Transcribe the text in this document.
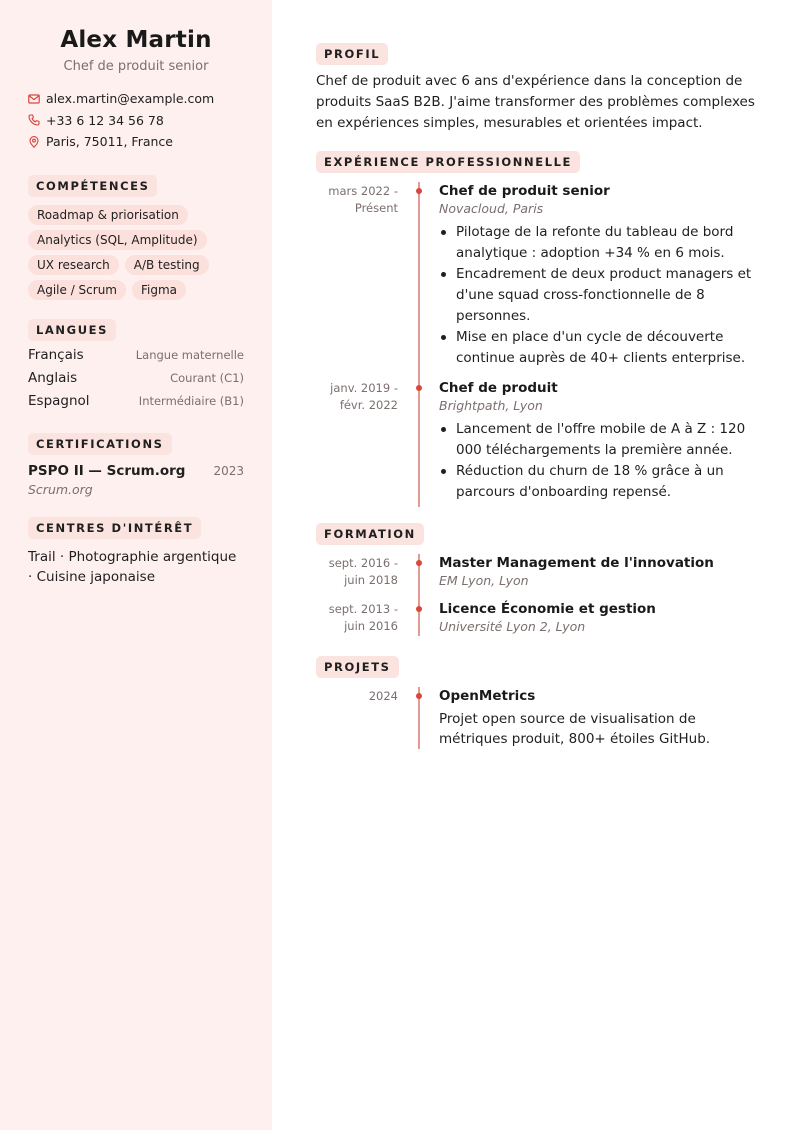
Alex Martin
Chef de produit senior
alex.martin@example.com
+33 6 12 34 56 78
Paris, 75011, France
COMPÉTENCES
Roadmap & priorisation
Analytics (SQL, Amplitude)
UX research	A/B testing
Agile / Scrum	Figma
LANGUES
Français	Langue maternelle
Anglais	Courant (C1)
Espagnol	Intermédiaire (B1)
CERTIFICATIONS
PSPO II — Scrum.org 2023
Scrum.org
CENTRES D'INTÉRÊT
Trail · Photographie argentique · Cuisine japonaise
PROFIL

Chef de produit avec 6 ans d'expérience dans la conception de produits SaaS B2B. J'aime transformer des problèmes complexes en expériences simples, mesurables et orientées impact.

EXPÉRIENCE PROFESSIONNELLE
mars 2022 -
Présent
Chef de produit senior
Novacloud, Paris
Pilotage de la refonte du tableau de bord analytique : adoption +34 % en 6 mois.
Encadrement de deux product managers et d'une squad cross-fonctionnelle de 8 personnes.
Mise en place d'un cycle de découverte continue auprès de 40+ clients enterprise.
janv. 2019 -
févr. 2022
Chef de produit
Brightpath, Lyon
Lancement de l'offre mobile de A à Z : 120 000 téléchargements la première année.
Réduction du churn de 18 % grâce à un parcours d'onboarding repensé.
FORMATION
sept. 2016 -
juin 2018
Master Management de l'innovation
EM Lyon, Lyon
sept. 2013 -
juin 2016
Licence Économie et gestion
Université Lyon 2, Lyon
PROJETS
2024	OpenMetrics
Projet open source de visualisation de métriques produit, 800+ étoiles GitHub.
